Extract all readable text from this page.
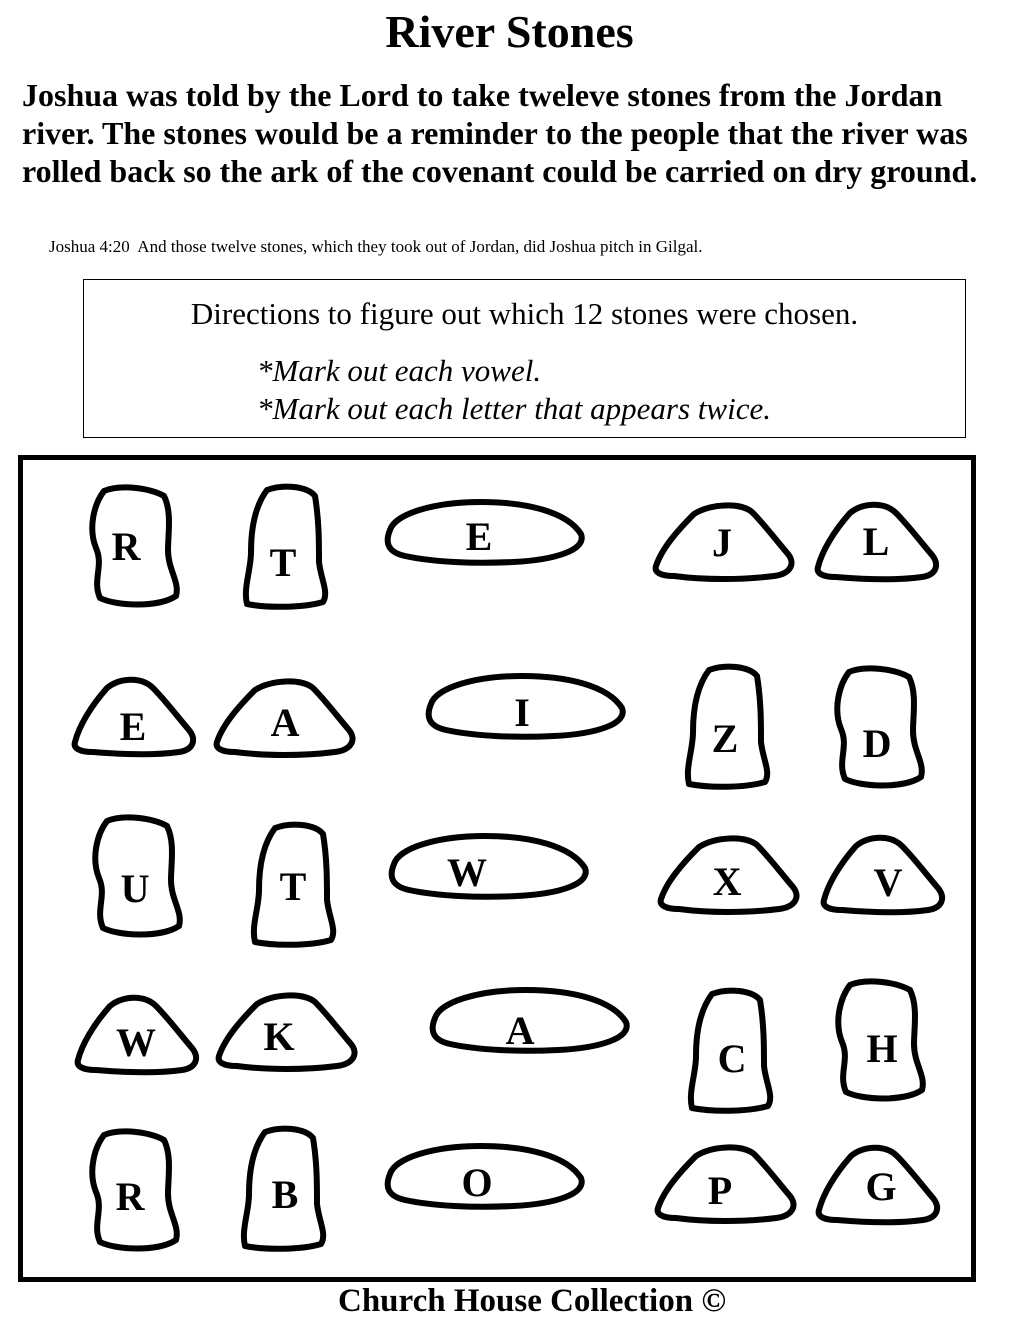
River Stones
Joshua was told by the Lord to take tweleve stones from the Jordan river. The stones would be a reminder to the people that the river was rolled back so the ark of the covenant could be carried on dry ground.
Joshua 4:20  And those twelve stones, which they took out of Jordan, did Joshua pitch in Gilgal.
Directions to figure out which 12 stones were chosen.
*Mark out each vowel.
*Mark out each letter that appears twice.
R	T
E	J	L
E	A	I
Z	D
U	T	W	X	V
W	K	A
C	H
R	B	O	P	G
Church House Collection ©
